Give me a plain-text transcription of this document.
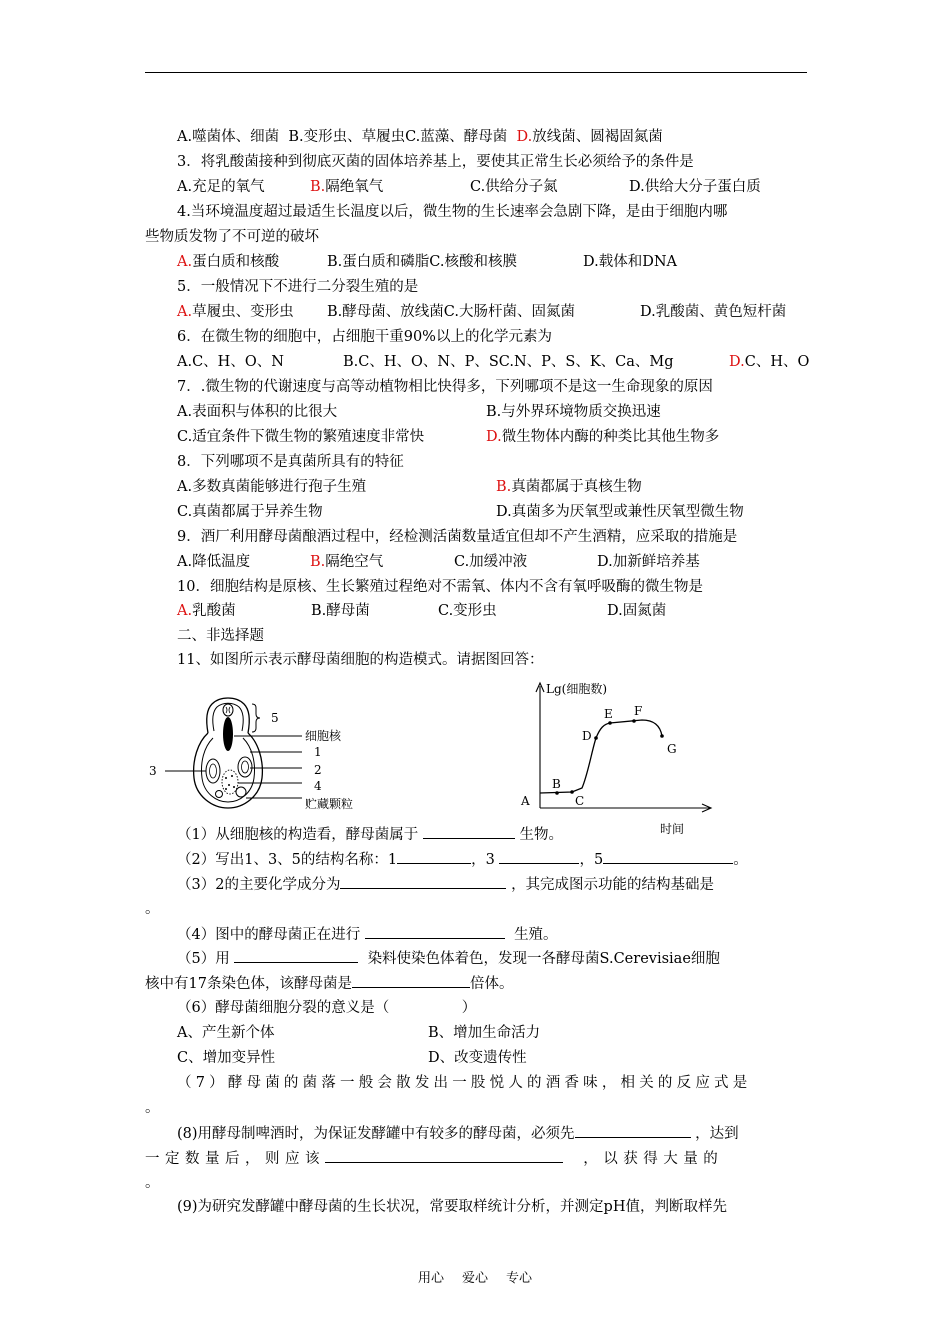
A.噬菌体、细菌 B.变形虫、草履虫C.蓝藻、酵母菌 D.放线菌、圆褐固氮菌
3．将乳酸菌接种到彻底灭菌的固体培养基上，要使其正常生长必须给予的条件是
A.充足的氧气	B.隔绝氧气	C.供给分子氮	D.供给大分子蛋白质
4.当环境温度超过最适生长温度以后，微生物的生长速率会急剧下降，是由于细胞内哪
些物质发物了不可逆的破坏
A.蛋白质和核酸	B.蛋白质和磷脂C.核酸和核膜	D.载体和DNA
5．一般情况下不进行二分裂生殖的是
A.草履虫、变形虫 B.酵母菌、放线菌C.大肠杆菌、固氮菌	D.乳酸菌、黄色短杆菌
6．在微生物的细胞中，占细胞干重90%以上的化学元素为
A.C、H、O、N	B.C、H、O、N、P、SC.N、P、S、K、Ca、Mg	D.C、H、O
7．.微生物的代谢速度与高等动植物相比快得多，下列哪项不是这一生命现象的原因
A.表面积与体积的比很大	B.与外界环境物质交换迅速
C.适宜条件下微生物的繁殖速度非常快	D.微生物体内酶的种类比其他生物多
8．下列哪项不是真菌所具有的特征
A.多数真菌能够进行孢子生殖	B.真菌都属于真核生物
C.真菌都属于异养生物	D.真菌多为厌氧型或兼性厌氧型微生物
9．酒厂利用酵母菌酿酒过程中，经检测活菌数量适宜但却不产生酒精，应采取的措施是
A.降低温度	B.隔绝空气	C.加缓冲液	D.加新鲜培养基
10．细胞结构是原核、生长繁殖过程绝对不需氧、体内不含有氧呼吸酶的微生物是
A.乳酸菌	B.酵母菌	C.变形虫	D.固氮菌
二、非选择题
11、如图所示表示酵母菌细胞的构造模式。请据图回答：
5
细胞核
1
2
4
贮藏颗粒
3
Lg(细胞数)
时间
A
B
C
D
E F
G
（1）从细胞核的构造看，酵母菌属于	生物。
（2）写出1、3、5的结构名称：1	，3	，5	。
（3）2的主要化学成分为	，其完成图示功能的结构基础是
。
（4）图中的酵母菌正在进行	生殖。
（5）用	染料使染色体着色，发现一各酵母菌S.Cerevisiae细胞
核中有17条染色体，该酵母菌是	倍体。
（6）酵母菌细胞分裂的意义是（　　　　　）
A、产生新个体	B、增加生命活力
C、增加变异性	D、改变遗传性
（7）酵母菌的菌落一般会散发出一股悦人的酒香味，相关的反应式是
。
(8)用酵母制啤酒时，为保证发酵罐中有较多的酵母菌，必须先	，达到
一定数量后，则应该	，以获得大量的
。
(9)为研究发酵罐中酵母菌的生长状况，常要取样统计分析，并测定pH值，判断取样先
用心 爱心 专心
